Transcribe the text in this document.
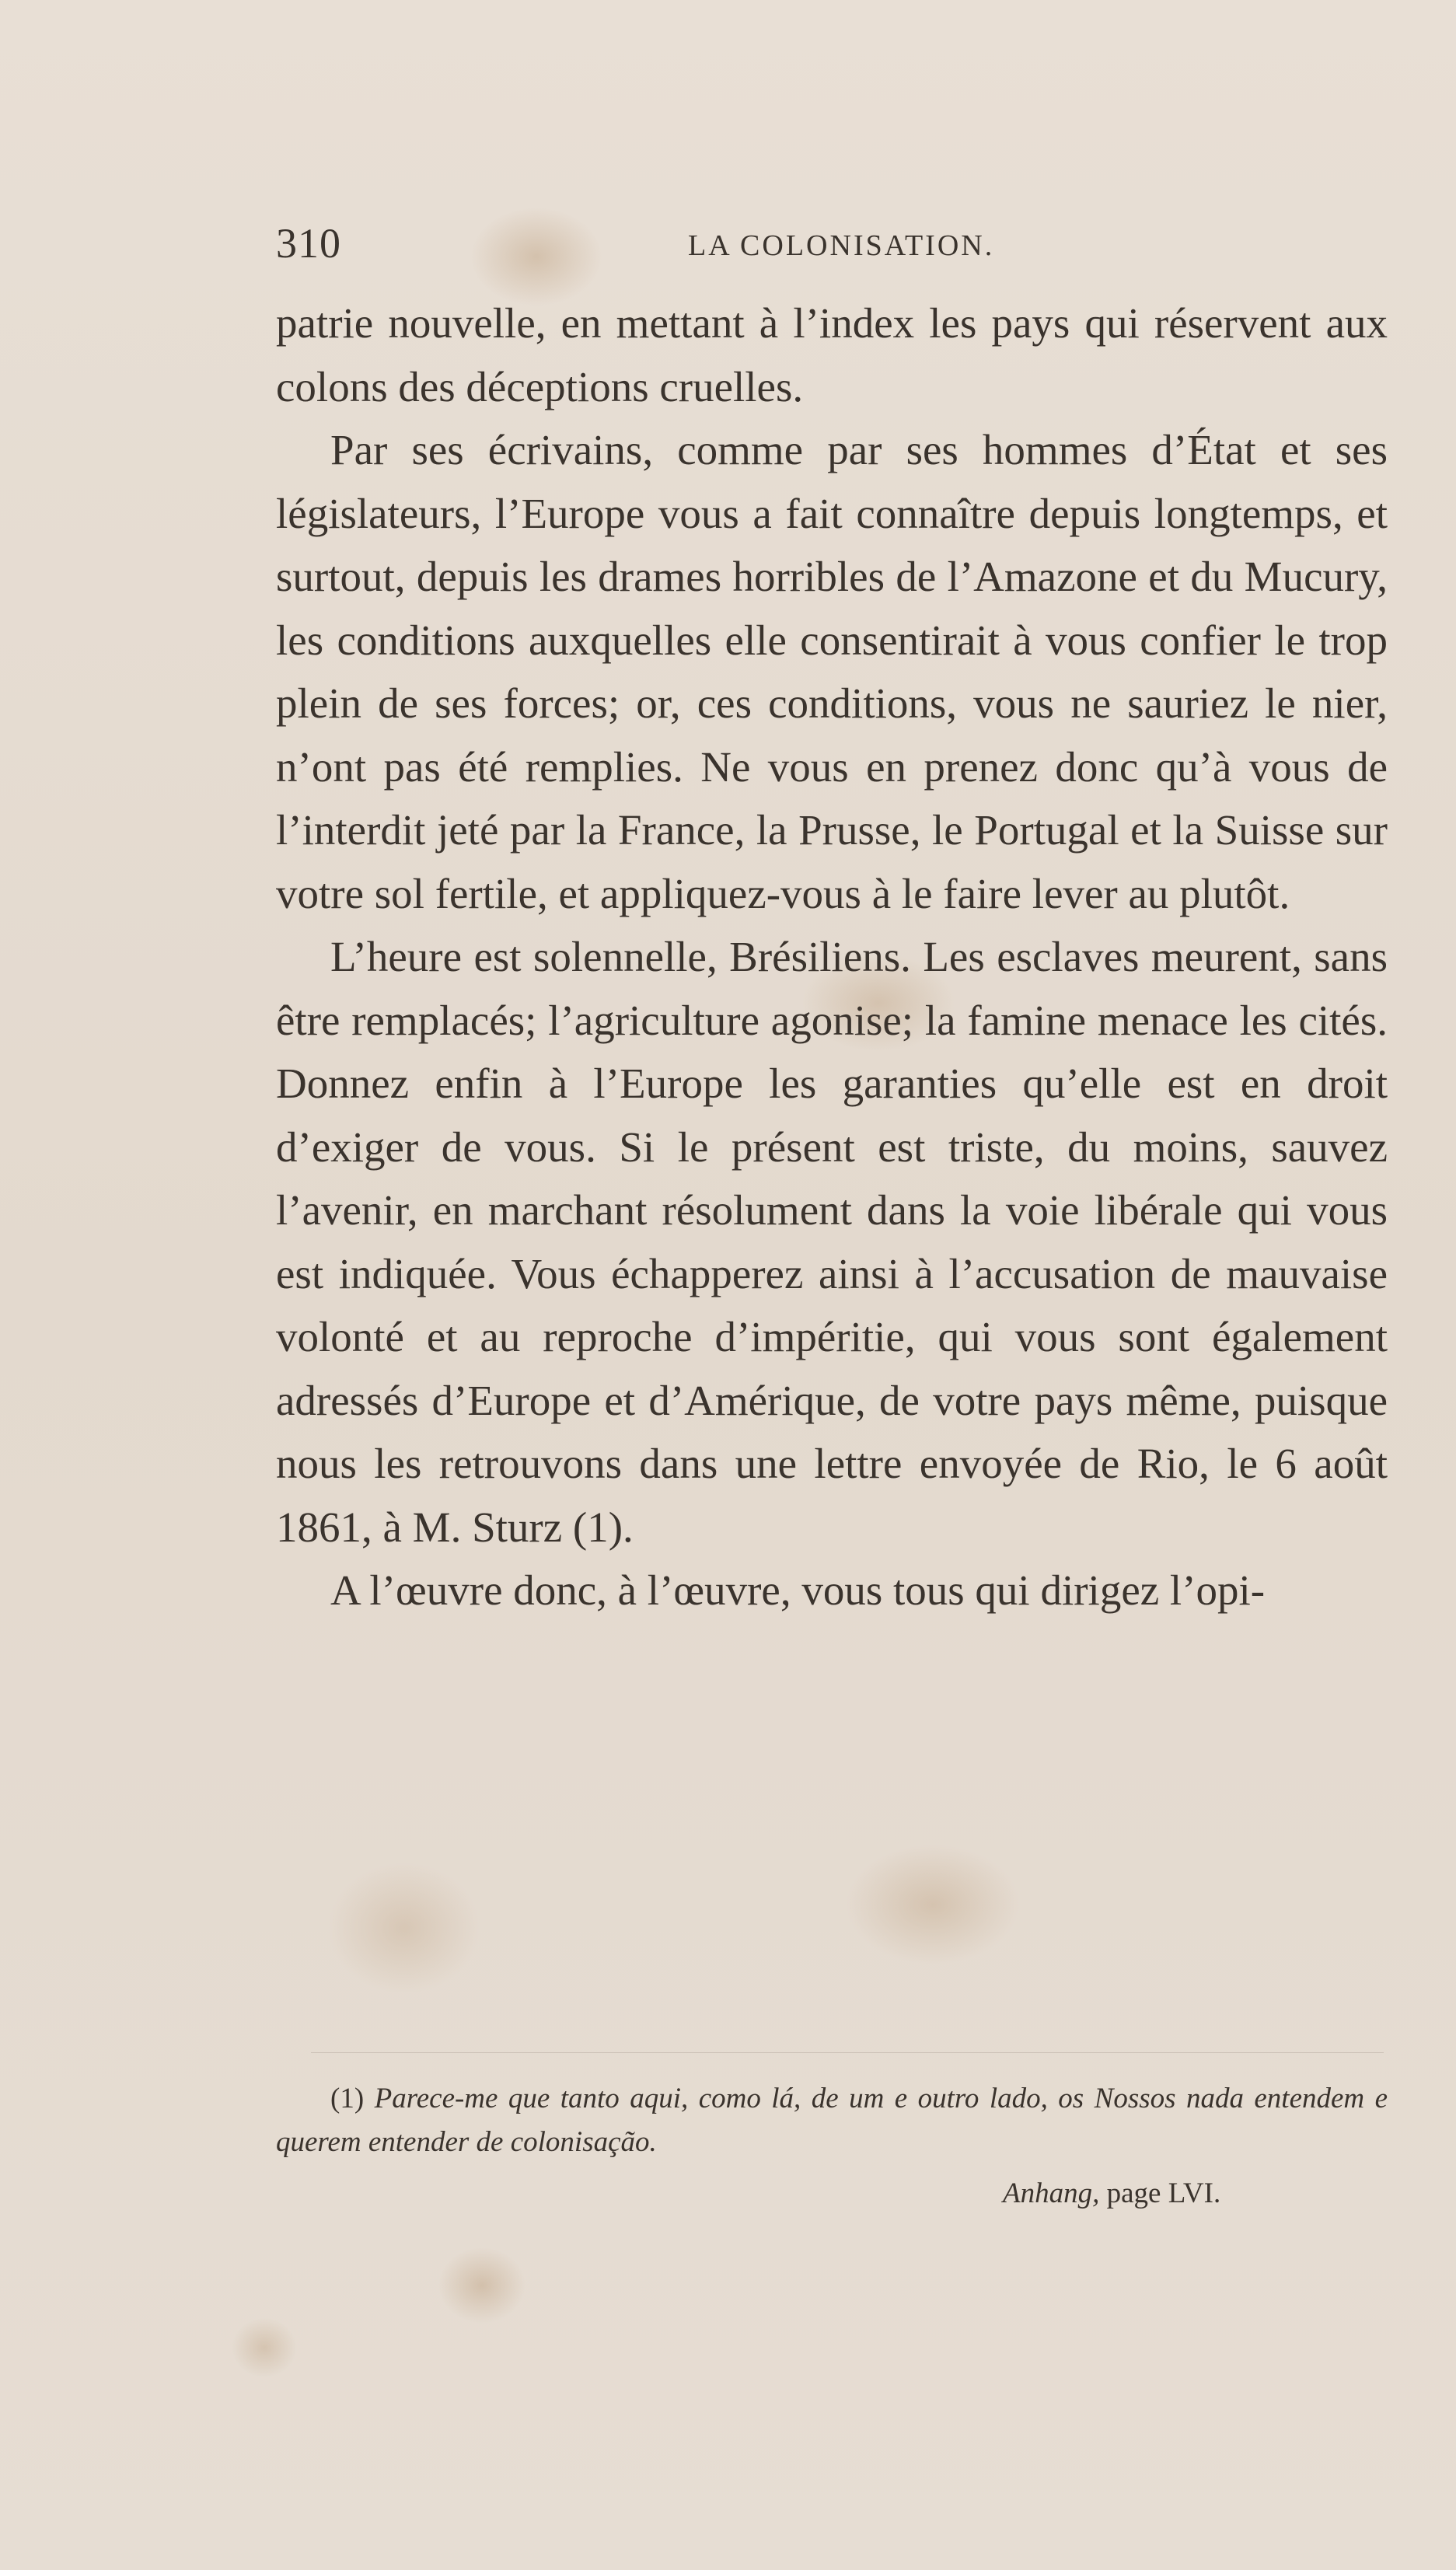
310	LA COLONISATION.

patrie nouvelle, en mettant à l’index les pays qui réservent aux colons des déceptions cruelles.

Par ses écrivains, comme par ses hommes d’État et ses législateurs, l’Europe vous a fait connaître depuis longtemps, et surtout, depuis les drames horribles de l’Amazone et du Mucury, les conditions auxquelles elle consentirait à vous confier le trop plein de ses forces; or, ces conditions, vous ne sauriez le nier, n’ont pas été remplies. Ne vous en prenez donc qu’à vous de l’interdit jeté par la France, la Prusse, le Portugal et la Suisse sur votre sol fertile, et appliquez-vous à le faire lever au plutôt.

L’heure est solennelle, Brésiliens. Les esclaves meurent, sans être remplacés; l’agriculture agonise; la famine menace les cités. Donnez enfin à l’Europe les garanties qu’elle est en droit d’exiger de vous. Si le présent est triste, du moins, sauvez l’avenir, en marchant résolument dans la voie libérale qui vous est indiquée. Vous échapperez ainsi à l’accusation de mauvaise volonté et au reproche d’impéritie, qui vous sont également adressés d’Europe et d’Amérique, de votre pays même, puisque nous les retrouvons dans une lettre envoyée de Rio, le 6 août 1861, à M. Sturz (1).

A l’œuvre donc, à l’œuvre, vous tous qui dirigez l’opi-

(1) Parece-me que tanto aqui, como lá, de um e outro lado, os Nossos nada entendem e querem entender de colonisação.
Anhang, page LVI.
